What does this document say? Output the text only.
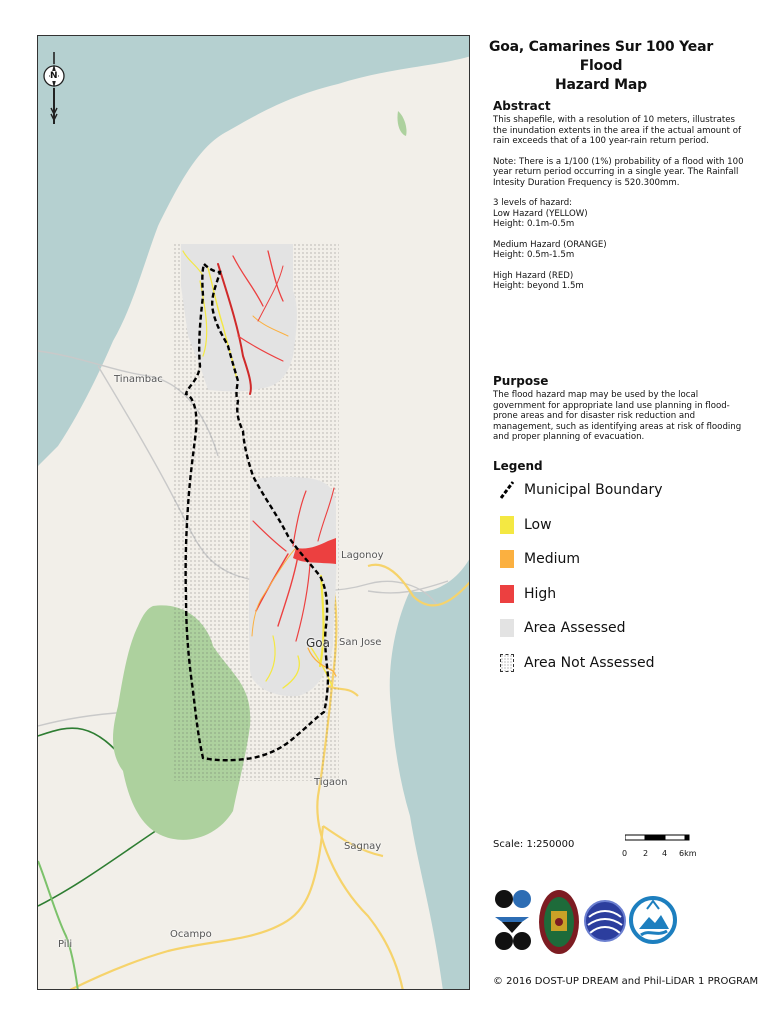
N
Tinambac
Lagonoy
Goa San Jose
Tigaon
Sagnay
Ocampo
Pili

Goa, Camarines Sur 100 Year Flood

Hazard Map

Abstract

This shapefile, with a resolution of 10 meters, illustrates the inundation extents in the area if the actual amount of rain exceeds that of a 100 year-rain return period.

Note: There is a 1/100 (1%) probability of a flood with 100 year return period occurring in a single year. The Rainfall Intesity Duration Frequency is 520.300mm.

3 levels of hazard:
Low Hazard (YELLOW)
Height: 0.1m-0.5m

Medium Hazard (ORANGE)
Height: 0.5m-1.5m

High Hazard (RED)
Height: beyond 1.5m

Purpose

The flood hazard map may be used by the local government for appropriate land use planning in flood-prone areas and for disaster risk reduction and management, such as identifying areas at risk of flooding and proper planning of evacuation.

Legend

Municipal Boundary
Low
Medium
High
Area Assessed
Area Not Assessed
Scale: 1:250000
0 2 4 6km
© 2016 DOST-UP DREAM and Phil-LiDAR 1 PROGRAM
